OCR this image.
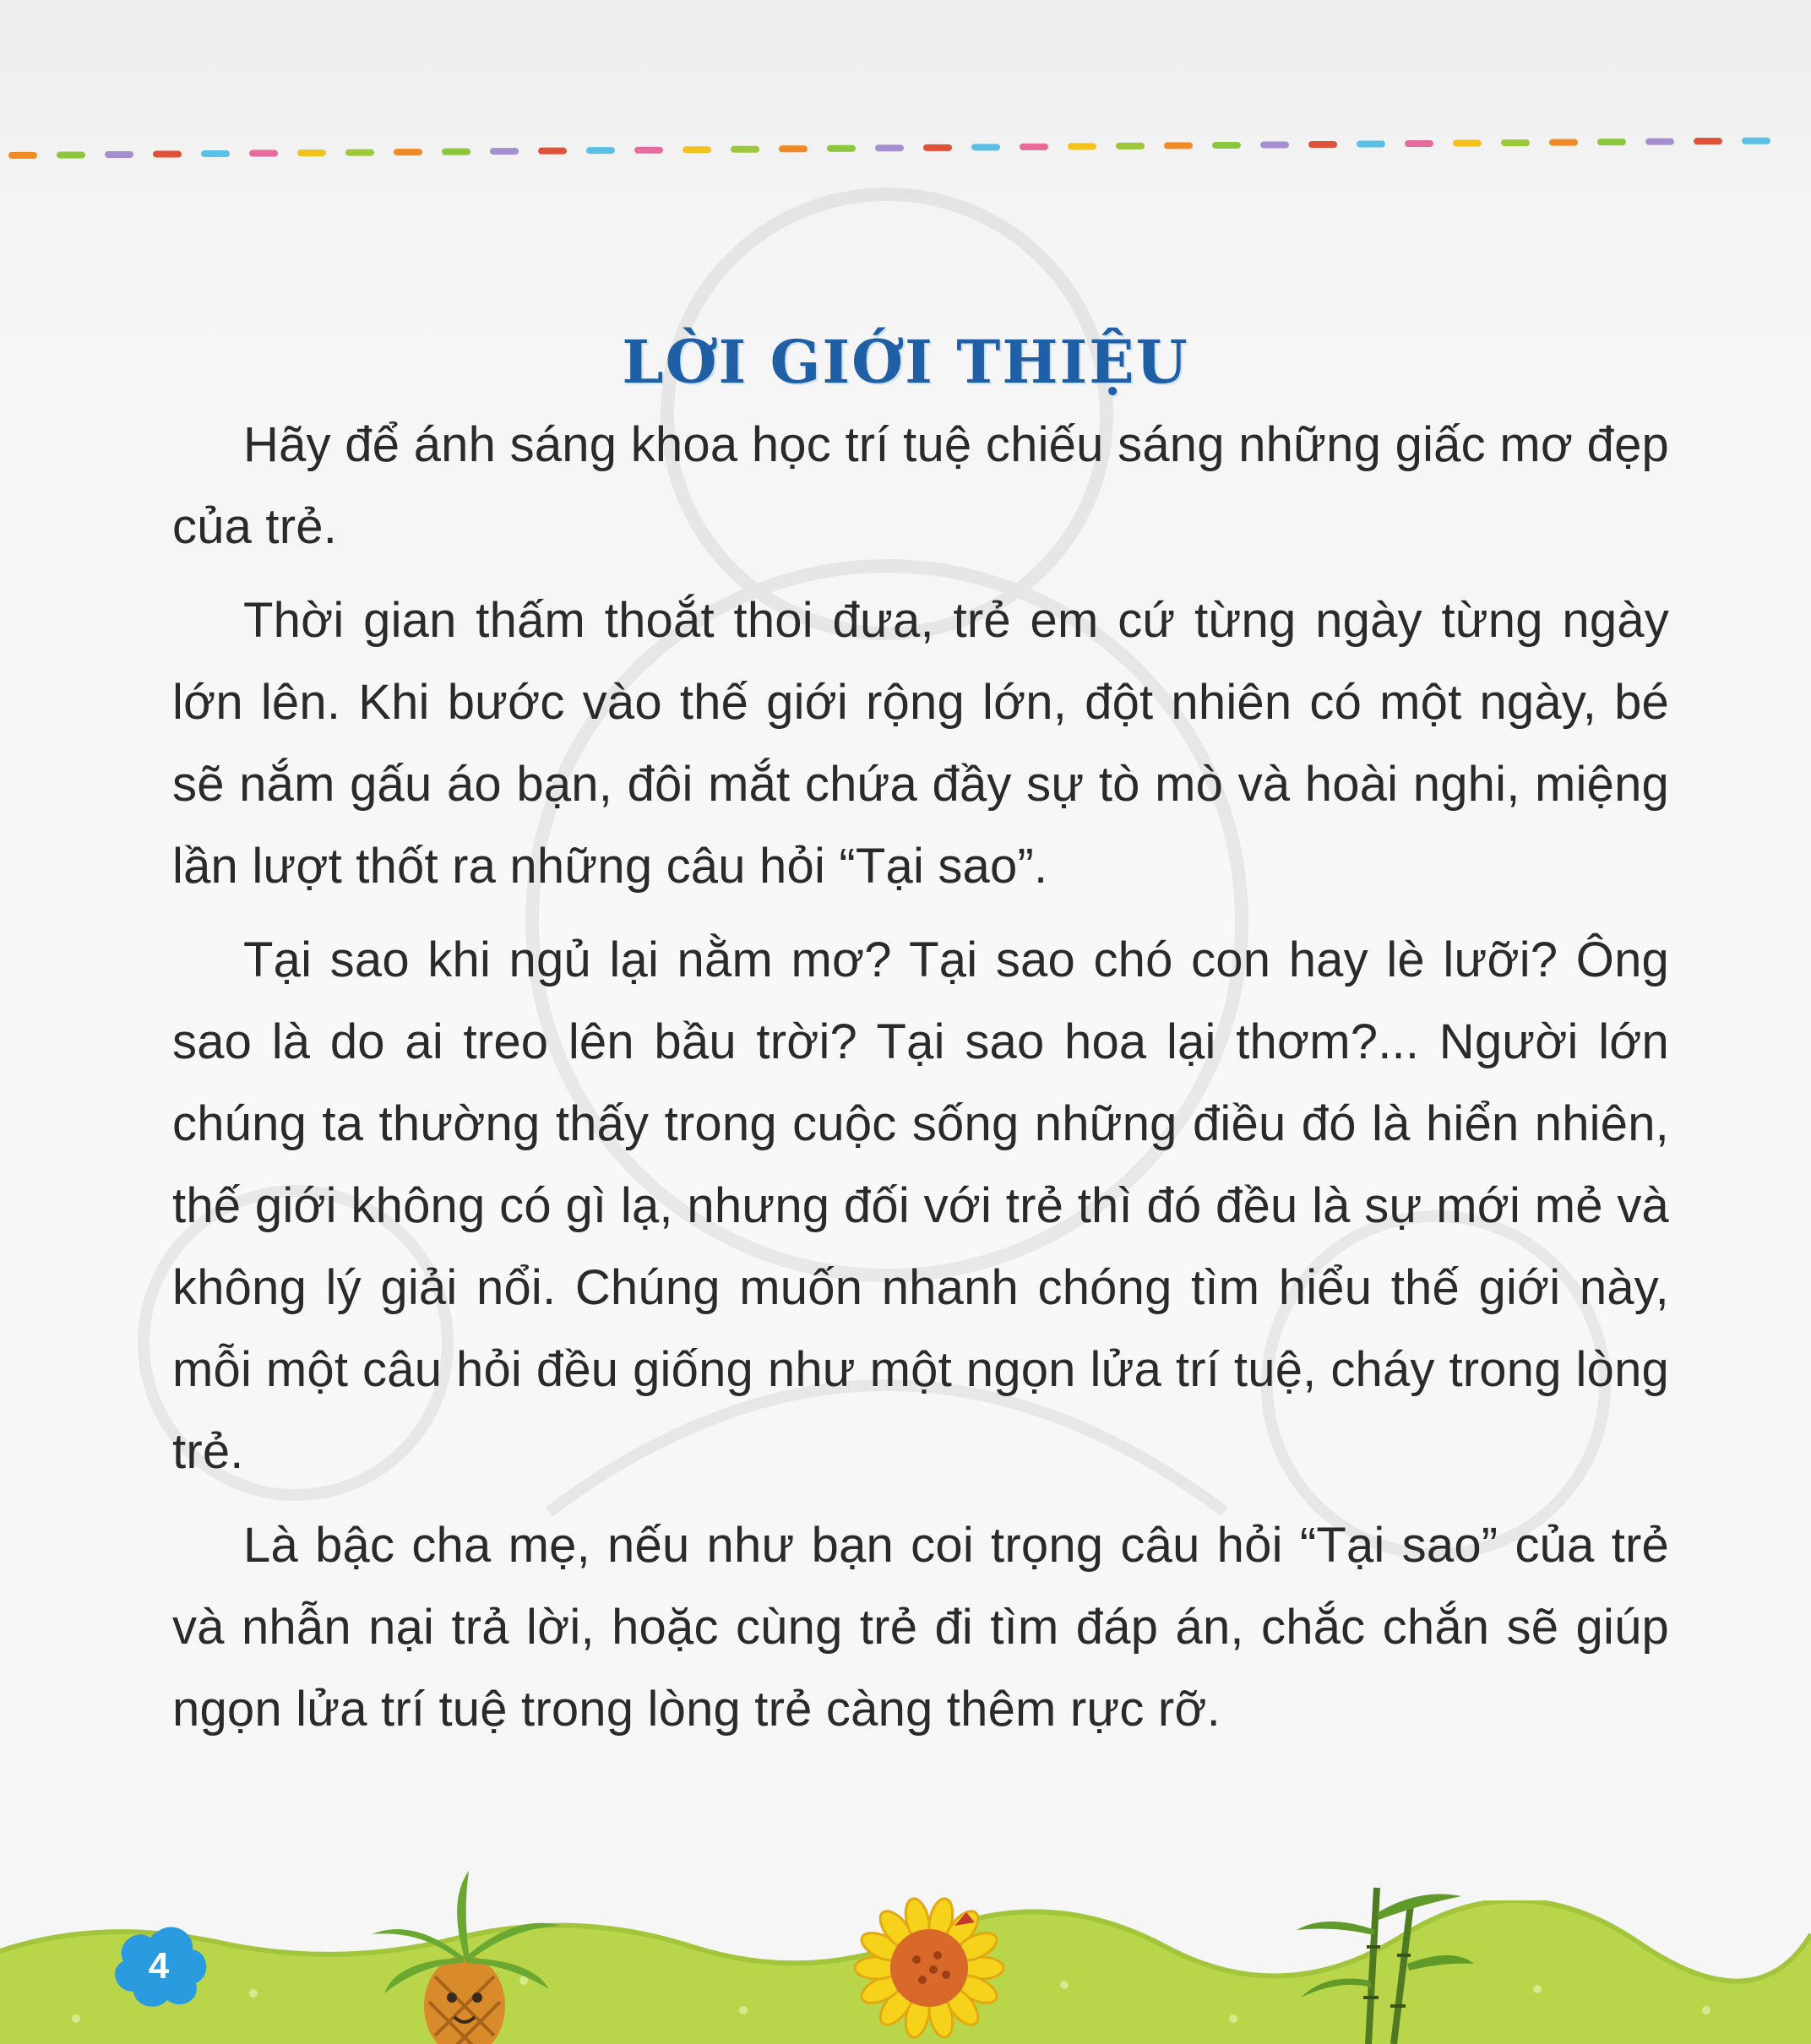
LỜI GIỚI THIỆU

Hãy để ánh sáng khoa học trí tuệ chiếu sáng những giấc mơ đẹp của trẻ.

Thời gian thấm thoắt thoi đưa, trẻ em cứ từng ngày từng ngày lớn lên. Khi bước vào thế giới rộng lớn, đột nhiên có một ngày, bé sẽ nắm gấu áo bạn, đôi mắt chứa đầy sự tò mò và hoài nghi, miệng lần lượt thốt ra những câu hỏi “Tại sao”.

Tại sao khi ngủ lại nằm mơ? Tại sao chó con hay lè lưỡi? Ông sao là do ai treo lên bầu trời? Tại sao hoa lại thơm?... Người lớn chúng ta thường thấy trong cuộc sống những điều đó là hiển nhiên, thế giới không có gì lạ, nhưng đối với trẻ thì đó đều là sự mới mẻ và không lý giải nổi. Chúng muốn nhanh chóng tìm hiểu thế giới này, mỗi một câu hỏi đều giống như một ngọn lửa trí tuệ, cháy trong lòng trẻ.

Là bậc cha mẹ, nếu như bạn coi trọng câu hỏi “Tại sao” của trẻ và nhẫn nại trả lời, hoặc cùng trẻ đi tìm đáp án, chắc chắn sẽ giúp ngọn lửa trí tuệ trong lòng trẻ càng thêm rực rỡ.

4
